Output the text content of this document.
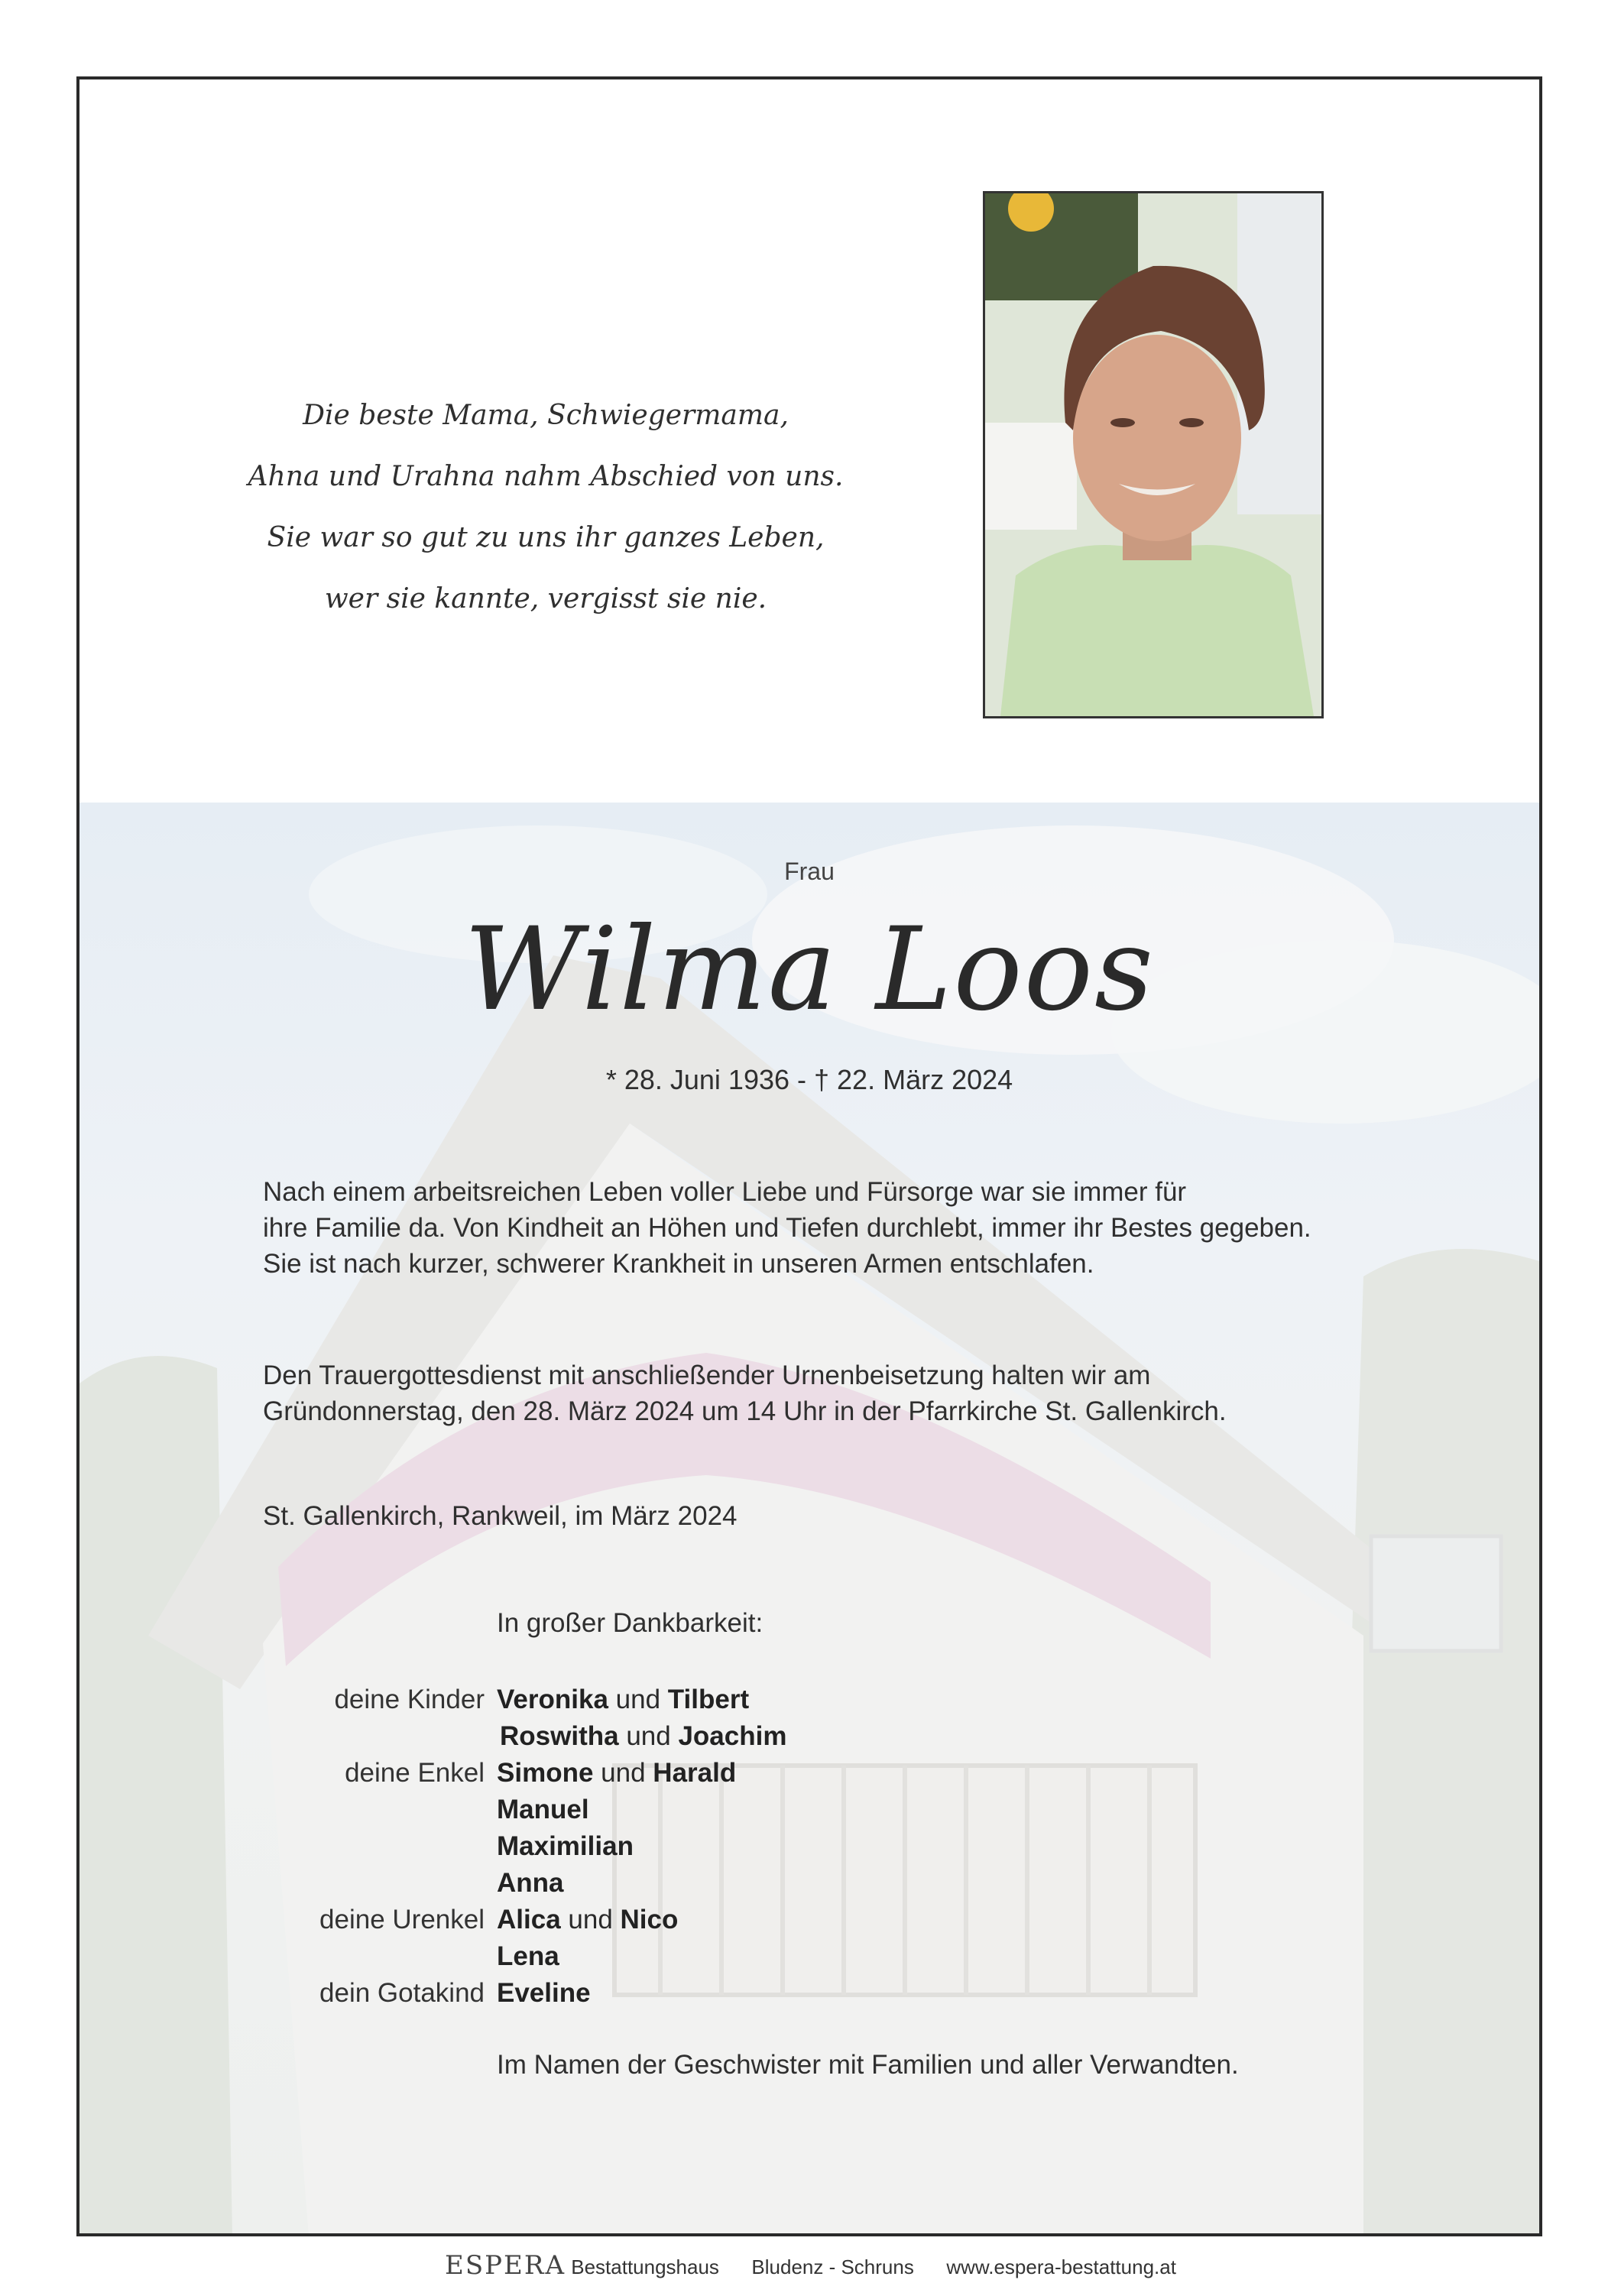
Die beste Mama, Schwiegermama,
Ahna und Urahna nahm Abschied von uns.
Sie war so gut zu uns ihr ganzes Leben,
wer sie kannte, vergisst sie nie.
Frau
Wilma Loos
* 28. Juni 1936 - † 22. März 2024
Nach einem arbeitsreichen Leben voller Liebe und Fürsorge war sie immer für
ihre Familie da. Von Kindheit an Höhen und Tiefen durchlebt, immer ihr Bestes gegeben.
Sie ist nach kurzer, schwerer Krankheit in unseren Armen entschlafen.
Den Trauergottesdienst mit anschließender Urnenbeisetzung halten wir am
Gründonnerstag, den 28. März 2024 um 14 Uhr in der Pfarrkirche St. Gallenkirch.
St. Gallenkirch, Rankweil, im März 2024
In großer Dankbarkeit:
deine Kinder Veronika und Tilbert
Roswitha und Joachim
deine Enkel Simone und Harald
Manuel
Maximilian
Anna
deine Urenkel Alica und Nico
Lena
dein Gotakind Eveline
Im Namen der Geschwister mit Familien und aller Verwandten.
ESPERA Bestattungshaus Bludenz - Schruns www.espera-bestattung.at
